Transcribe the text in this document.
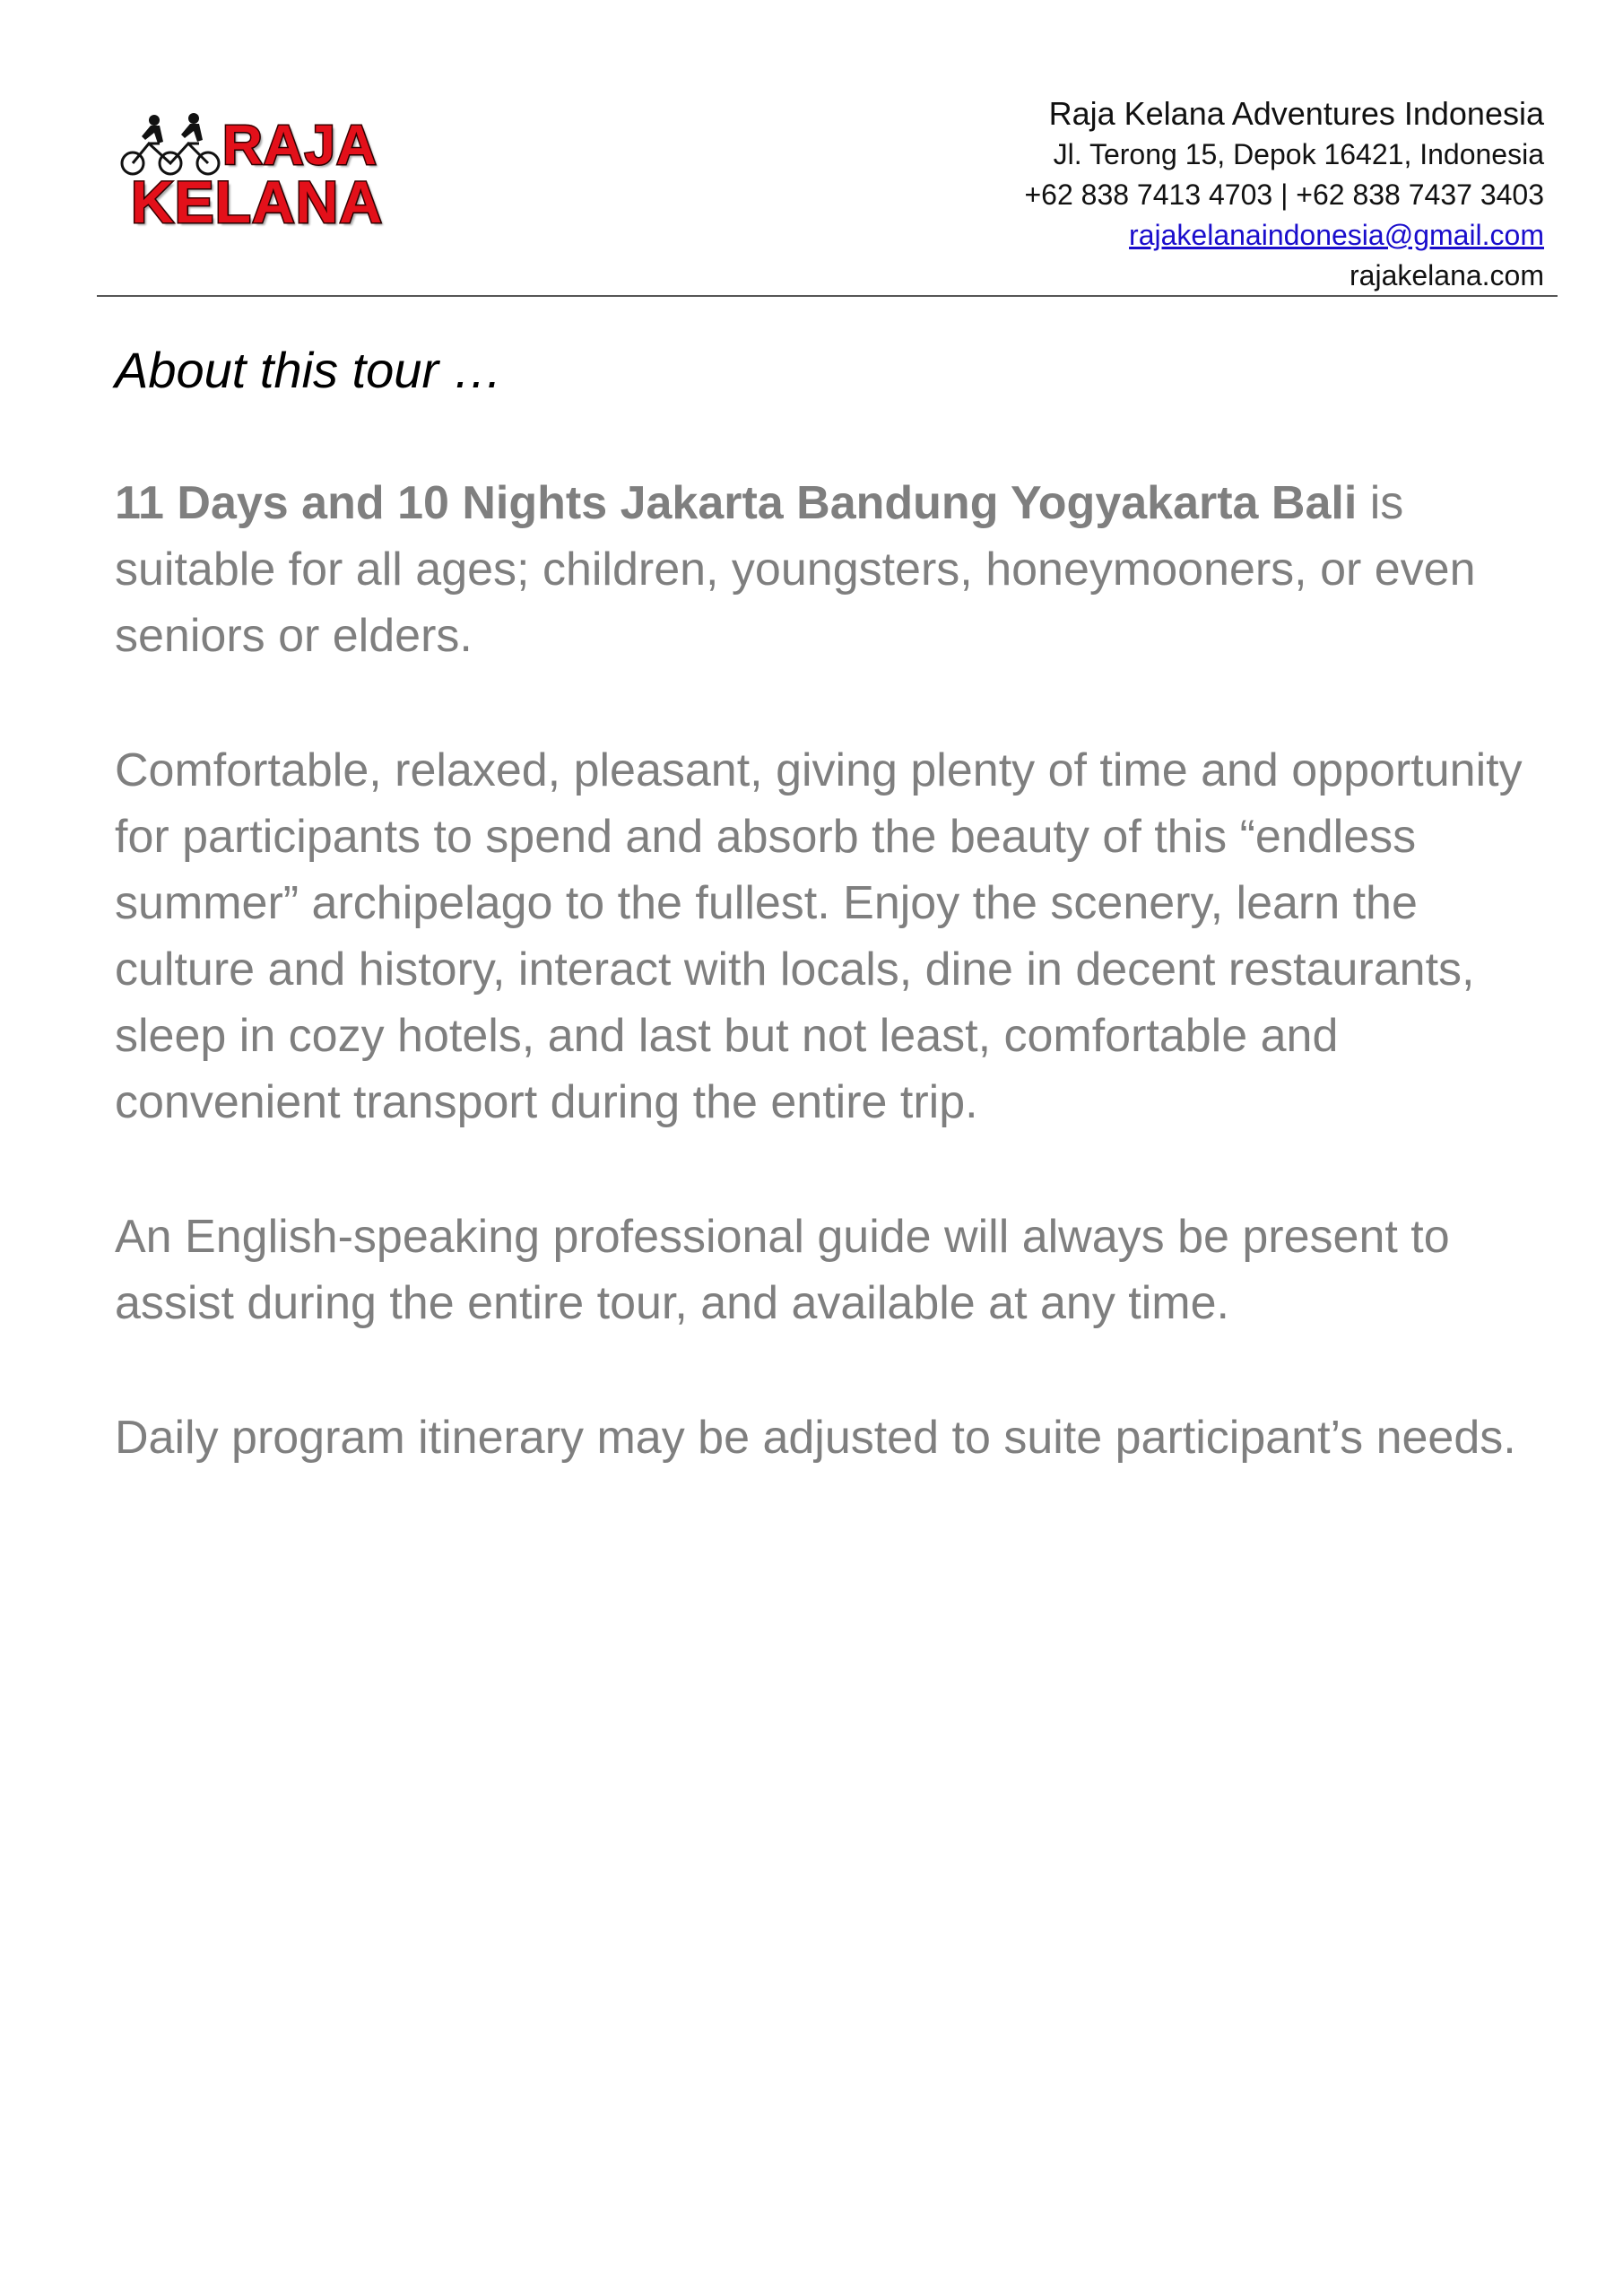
RAJA
KELANA
Raja Kelana Adventures Indonesia
Jl. Terong 15, Depok 16421, Indonesia
+62 838 7413 4703 | +62 838 7437 3403
rajakelanaindonesia@gmail.com
rajakelana.com
About this tour …

11 Days and 10 Nights Jakarta Bandung Yogyakarta Bali is suitable for all ages; children, youngsters, honeymooners, or even seniors or elders.

Comfortable, relaxed, pleasant, giving plenty of time and opportunity for participants to spend and absorb the beauty of this “endless summer” archipelago to the fullest. Enjoy the scenery, learn the culture and history, interact with locals, dine in decent restaurants, sleep in cozy hotels, and last but not least, comfortable and convenient transport during the entire trip.

An English-speaking professional guide will always be present to assist during the entire tour, and available at any time.

Daily program itinerary may be adjusted to suite participant’s needs.
